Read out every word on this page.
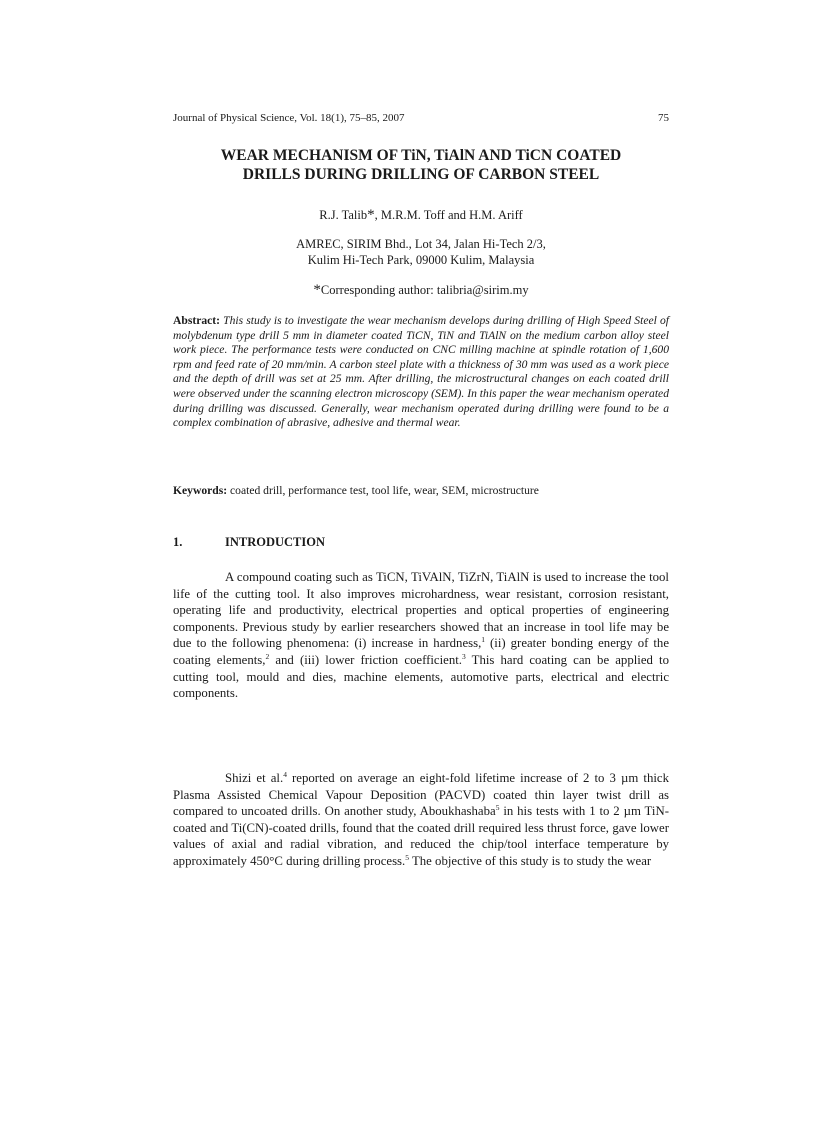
Journal of Physical Science, Vol. 18(1), 75–85, 2007	75
WEAR MECHANISM OF TiN, TiAlN AND TiCN COATED
DRILLS DURING DRILLING OF CARBON STEEL
R.J. Talib*, M.R.M. Toff and H.M. Ariff
AMREC, SIRIM Bhd., Lot 34, Jalan Hi-Tech 2/3,
Kulim Hi-Tech Park, 09000 Kulim, Malaysia
*Corresponding author: talibria@sirim.my
Abstract: This study is to investigate the wear mechanism develops during drilling of High Speed Steel of molybdenum type drill 5 mm in diameter coated TiCN, TiN and TiAlN on the medium carbon alloy steel work piece. The performance tests were conducted on CNC milling machine at spindle rotation of 1,600 rpm and feed rate of 20 mm/min. A carbon steel plate with a thickness of 30 mm was used as a work piece and the depth of drill was set at 25 mm. After drilling, the microstructural changes on each coated drill were observed under the scanning electron microscopy (SEM). In this paper the wear mechanism operated during drilling was discussed. Generally, wear mechanism operated during drilling were found to be a complex combination of abrasive, adhesive and thermal wear.
Keywords: coated drill, performance test, tool life, wear, SEM, microstructure
1.	INTRODUCTION

A compound coating such as TiCN, TiVAlN, TiZrN, TiAlN is used to increase the tool life of the cutting tool. It also improves microhardness, wear resistant, corrosion resistant, operating life and productivity, electrical properties and optical properties of engineering components. Previous study by earlier researchers showed that an increase in tool life may be due to the following phenomena: (i) increase in hardness,$^1$ (ii) greater bonding energy of the coating elements,$^2$ and (iii) lower friction coefficient.$^3$ This hard coating can be applied to cutting tool, mould and dies, machine elements, automotive parts, electrical and electric components.

Shizi et al.$^4$ reported on average an eight-fold lifetime increase of 2 to 3 µm thick Plasma Assisted Chemical Vapour Deposition (PACVD) coated thin layer twist drill as compared to uncoated drills. On another study, Aboukhashaba$^5$ in his tests with 1 to 2 µm TiN-coated and Ti(CN)-coated drills, found that the coated drill required less thrust force, gave lower values of axial and radial vibration, and reduced the chip/tool interface temperature by approximately 450°C during drilling process.$^5$ The objective of this study is to study the wear
